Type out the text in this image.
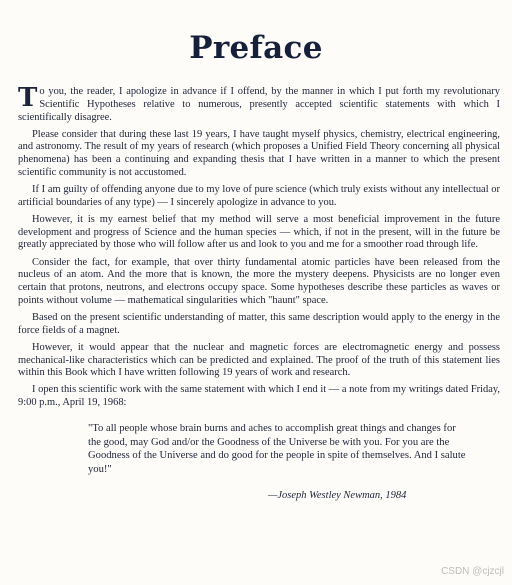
Preface

To you, the reader, I apologize in advance if I offend, by the manner in which I put forth my revolutionary Scientific Hypotheses relative to numerous, presently accepted scientific statements with which I scientifically disagree.

Please consider that during these last 19 years, I have taught myself physics, chemistry, electrical engineering, and astronomy. The result of my years of research (which proposes a Unified Field Theory concerning all physical phenomena) has been a continuing and expanding thesis that I have written in a manner to which the present scientific community is not accustomed.

If I am guilty of offending anyone due to my love of pure science (which truly exists without any intellectual or artificial boundaries of any type) — I sincerely apologize in advance to you.

However, it is my earnest belief that my method will serve a most beneficial improvement in the future development and progress of Science and the human species — which, if not in the present, will in the future be greatly appreciated by those who will follow after us and look to you and me for a smoother road through life.

Consider the fact, for example, that over thirty fundamental atomic particles have been released from the nucleus of an atom. And the more that is known, the more the mystery deepens. Physicists are no longer even certain that protons, neutrons, and electrons occupy space. Some hypotheses describe these particles as waves or points without volume — mathematical singularities which "haunt" space.

Based on the present scientific understanding of matter, this same description would apply to the energy in the force fields of a magnet.

However, it would appear that the nuclear and magnetic forces are electromagnetic energy and possess mechanical-like characteristics which can be predicted and explained. The proof of the truth of this statement lies within this Book which I have written following 19 years of work and research.

I open this scientific work with the same statement with which I end it — a note from my writings dated Friday, 9:00 p.m., April 19, 1968:

"To all people whose brain burns and aches to accomplish great things and changes for the good, may God and/or the Goodness of the Universe be with you. For you are the Goodness of the Universe and do good for the people in spite of themselves. And I salute you!"
—Joseph Westley Newman, 1984
CSDN @cjzcjl
